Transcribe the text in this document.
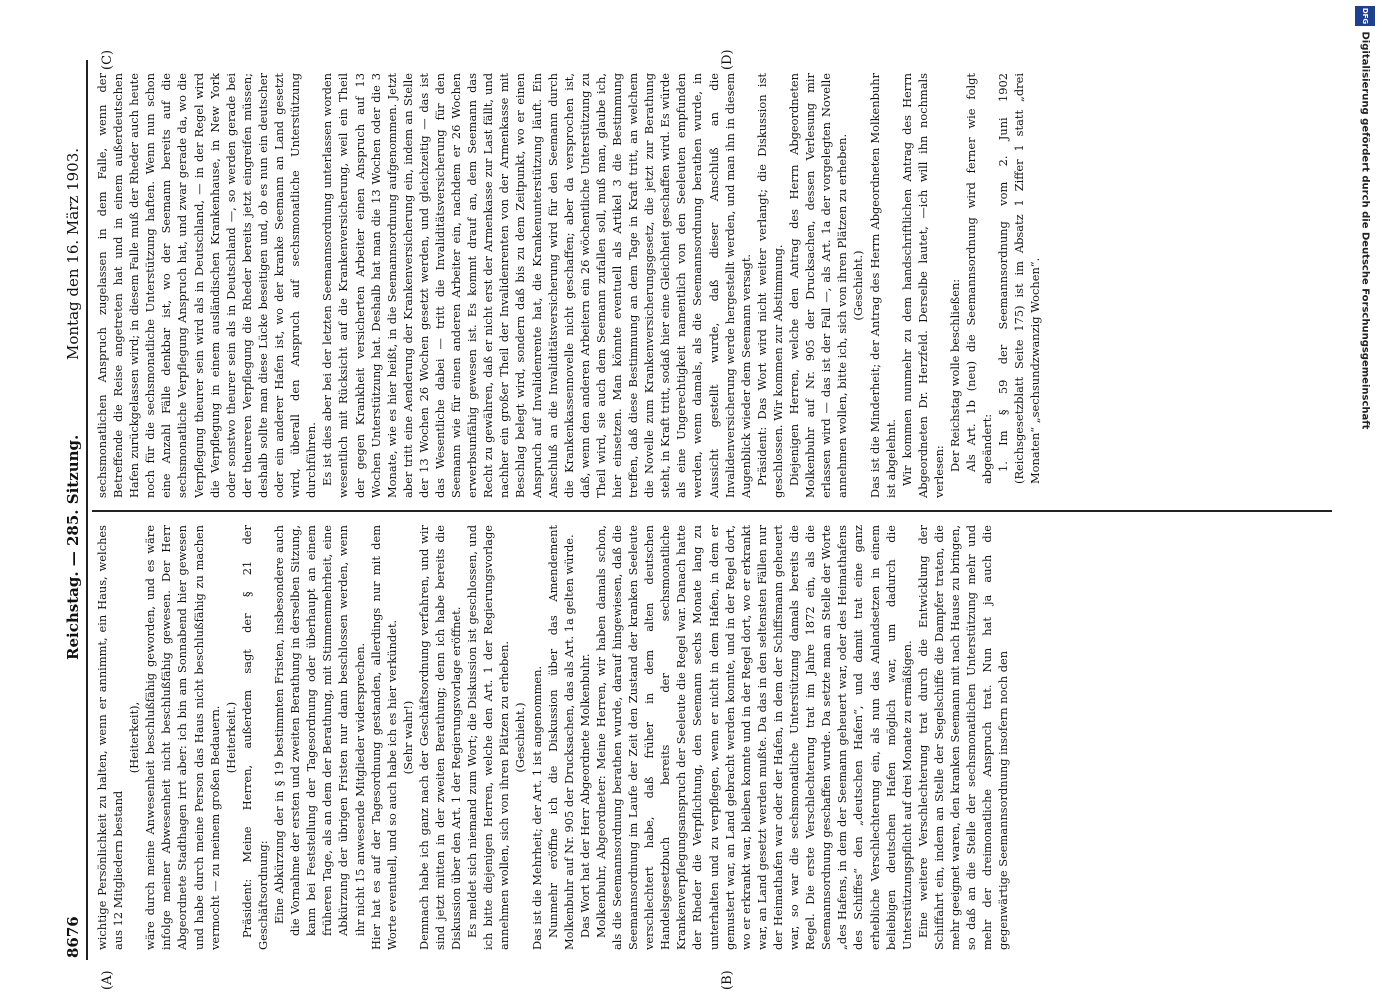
8676
Reichstag. — 285. Sitzung.
Montag den 16. März 1903.
(A)	(B)
(C)	(D)

wichtige Persönlichkeit zu halten, wenn er annimmt, ein Haus, welches aus 12 Mitgliedern bestand

(Heiterkeit), wäre durch meine Anwesenheit beschlußfähig geworden, und es wäre infolge meiner Abwesenheit nicht beschlußfähig gewesen. Der Herr Abgeordnete Stadthagen irrt aber: ich bin am Sonnabend hier gewesen und habe durch meine Person das Haus nicht beschlußfähig zu machen vermocht — zu meinem großen Bedauern. (Heiterkeit.) Präsident: Meine Herren, außerdem sagt der § 21 der Geschäftsordnung: Eine Abkürzung der in § 19 bestimmten Fristen, insbesondere auch die Vornahme der ersten und zweiten Berathung in derselben Sitzung, kann bei Feststellung der Tagesordnung oder überhaupt an einem früheren Tage, als an dem der Berathung, mit Stimmenmehrheit, eine Abkürzung der übrigen Fristen nur dann beschlossen werden, wenn ihr nicht 15 anwesende Mitglieder widersprechen. Hier hat es auf der Tagesordnung gestanden, allerdings nur mit dem Worte eventuell, und so auch habe ich es hier verkündet. (Sehr wahr!) Demnach habe ich ganz nach der Geschäftsordnung verfahren, und wir sind jetzt mitten in der zweiten Berathung; denn ich habe bereits die Diskussion über den Art. 1 der Regierungsvorlage eröffnet. Es meldet sich niemand zum Wort; die Diskussion ist geschlossen, und ich bitte diejenigen Herren, welche den Art. 1 der Regierungsvorlage annehmen wollen, sich von ihren Plätzen zu erheben. (Geschieht.) Das ist die Mehrheit; der Art. 1 ist angenommen. Nunmehr eröffne ich die Diskussion über das Amendement Molkenbuhr auf Nr. 905 der Drucksachen, das als Art. 1a gelten würde. Das Wort hat der Herr Abgeordnete Molkenbuhr. Molkenbuhr, Abgeordneter: Meine Herren, wir haben damals schon, als die Seemannsordnung berathen wurde, darauf hingewiesen, daß die Seemannsordnung im Laufe der Zeit den Zustand der kranken Seeleute verschlechtert habe, daß früher in dem alten deutschen Handelsgesetzbuch bereits der sechsmonatliche Krankenverpflegungsanspruch der Seeleute die Regel war. Danach hatte der Rheder die Verpflichtung, den Seemann sechs Monate lang zu unterhalten und zu verpflegen, wenn er nicht in dem Hafen, in dem er gemustert war, an Land gebracht werden konnte, und in der Regel dort, wo er erkrankt war, bleiben konnte und in der Regel dort, wo er erkrankt war, an Land gesetzt werden mußte. Da das in den seltensten Fällen nur der Heimathafen war oder der Hafen, in dem der Schiffsmann geheuert war, so war die sechsmonatliche Unterstützung damals bereits die Regel. Die erste Verschlechterung trat im Jahre 1872 ein, als die Seemannsordnung geschaffen wurde. Da setzte man an Stelle der Worte „des Hafens, in dem der Seemann geheuert war, oder des Heimathafens des Schiffes“ den „deutschen Hafen“, und damit trat eine ganz erhebliche Verschlechterung ein, als nun das Anlandsetzen in einem beliebigen deutschen Hafen möglich war, um dadurch die Unterstützungspflicht auf drei Monate zu ermäßigen. Eine weitere Verschlechterung trat durch die Entwicklung der Schiffahrt ein, indem an Stelle der Segelschiffe die Dampfer traten, die mehr geeignet waren, den kranken Seemann mit nach Hause zu bringen, so daß an die Stelle der sechsmonatlichen Unterstützung mehr und mehr der dreimonatliche Anspruch trat. Nun hat ja auch die gegenwärtige Seemannsordnung insofern noch den

sechsmonatlichen Anspruch zugelassen in dem Falle, wenn der Betreffende die Reise angetreten hat und in einem außerdeutschen Hafen zurückgelassen wird; in diesem Falle muß der Rheder auch heute noch für die sechsmonatliche Unterstützung haften. Wenn nun schon eine Anzahl Fälle denkbar ist, wo der Seemann bereits auf die sechsmonatliche Verpflegung Anspruch hat, und zwar gerade da, wo die Verpflegung theurer sein wird als in Deutschland, — in der Regel wird die Verpflegung in einem ausländischen Krankenhause, in New York oder sonstwo theurer sein als in Deutschland —, so werden gerade bei der theureren Verpflegung die Rheder bereits jetzt eingreifen müssen; deshalb sollte man diese Lücke beseitigen und, ob es nun ein deutscher oder ein anderer Hafen ist, wo der kranke Seemann an Land gesetzt wird, überall den Anspruch auf sechsmonatliche Unterstützung durchführen. Es ist dies aber bei der letzten Seemannsordnung unterlassen worden wesentlich mit Rücksicht auf die Krankenversicherung, weil ein Theil der gegen Krankheit versicherten Arbeiter einen Anspruch auf 13 Wochen Unterstützung hat. Deshalb hat man die 13 Wochen oder die 3 Monate, wie es hier heißt, in die Seemannsordnung aufgenommen. Jetzt aber tritt eine Aenderung der Krankenversicherung ein, indem an Stelle der 13 Wochen 26 Wochen gesetzt werden, und gleichzeitig — das ist das Wesentliche dabei — tritt die Invaliditätsversicherung für den Seemann wie für einen anderen Arbeiter ein, nachdem er 26 Wochen erwerbsunfähig gewesen ist. Es kommt drauf an, dem Seemann das Recht zu gewähren, daß er nicht erst der Armenkasse zur Last fällt, und nachher ein großer Theil der Invalidenrenten von der Armenkasse mit Beschlag belegt wird, sondern daß bis zu dem Zeitpunkt, wo er einen Anspruch auf Invalidenrente hat, die Krankenunterstützung läuft. Ein Anschluß an die Invaliditätsversicherung wird für den Seemann durch die Krankenkassennovelle nicht geschaffen; aber da versprochen ist, daß, wenn den anderen Arbeitern ein 26 wöchentliche Unterstützung zu Theil wird, sie auch dem Seemann zufallen soll, muß man, glaube ich, hier einsetzen. Man könnte eventuell als Artikel 3 die Bestimmung treffen, daß diese Bestimmung an dem Tage in Kraft tritt, an welchem die Novelle zum Krankenversicherungsgesetz, die jetzt zur Berathung steht, in Kraft tritt, sodaß hier eine Gleichheit geschaffen wird. Es würde als eine Ungerechtigkeit namentlich von den Seeleuten empfunden werden, wenn damals, als die Seemannsordnung berathen wurde, in Aussicht gestellt wurde, daß dieser Anschluß an die Invalidenversicherung werde hergestellt werden, und man ihn in diesem Augenblick wieder dem Seemann versagt. Präsident: Das Wort wird nicht weiter verlangt; die Diskussion ist geschlossen. Wir kommen zur Abstimmung. Diejenigen Herren, welche den Antrag des Herrn Abgeordneten Molkenbuhr auf Nr. 905 der Drucksachen, dessen Verlesung mir erlassen wird — das ist der Fall —, als Art. 1a der vorgelegten Novelle annehmen wollen, bitte ich, sich von ihren Plätzen zu erheben. (Geschieht.) Das ist die Minderheit; der Antrag des Herrn Abgeordneten Molkenbuhr ist abgelehnt. Wir kommen nunmehr zu dem handschriftlichen Antrag des Herrn Abgeordneten Dr. Herzfeld. Derselbe lautet, —ich will ihn nochmals verlesen: Der Reichstag wolle beschließen: Als Art. 1b (neu) die Seemannsordnung wird ferner wie folgt abgeändert: 1. Im § 59 der Seemannsordnung vom 2. Juni 1902 (Reichsgesetzblatt Seite 175) ist im Absatz 1 Ziffer 1 statt „drei Monaten“ „sechsundzwanzig Wochen“.

DFG
Digitalisierung gefördert durch die Deutsche Forschungsgemeinschaft
